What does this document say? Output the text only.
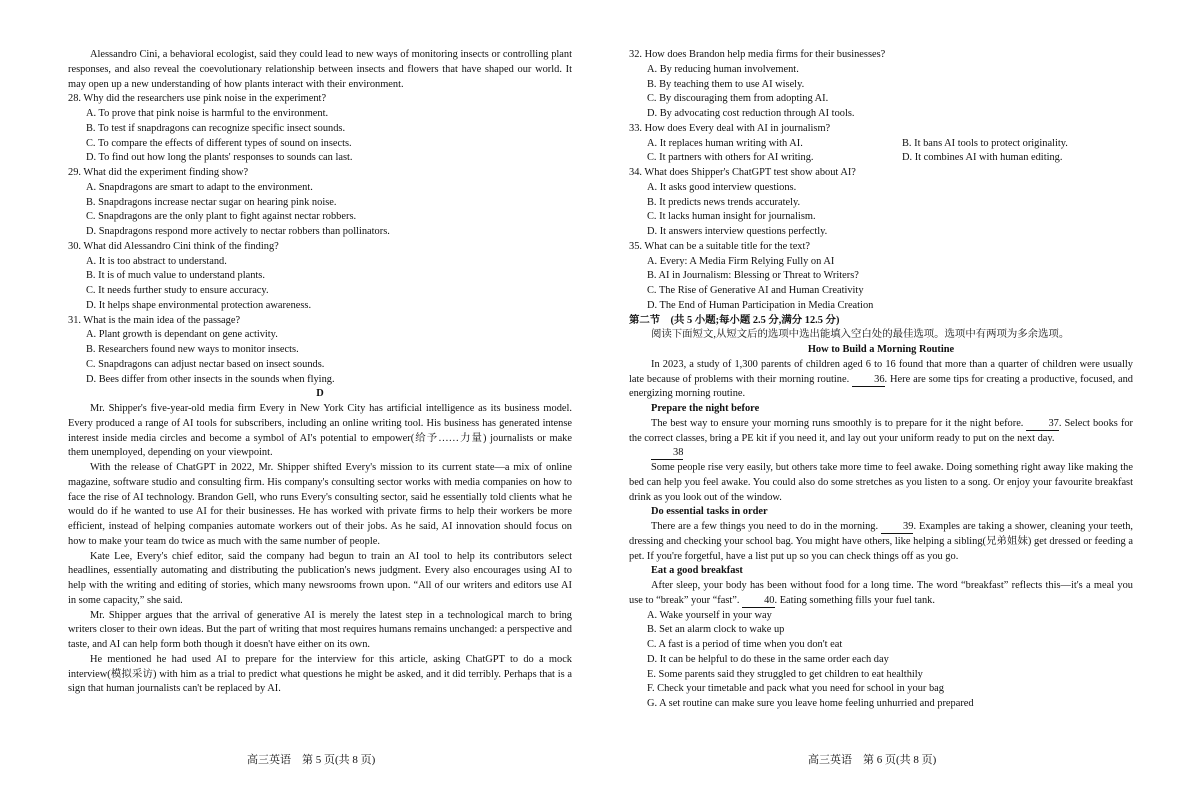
Alessandro Cini, a behavioral ecologist, said they could lead to new ways of monitoring insects or controlling plant responses, and also reveal the coevolutionary relationship between insects and flowers that have shaped our world. It may open up a new understanding of how plants interact with their environment.

28. Why did the researchers use pink noise in the experiment?

A. To prove that pink noise is harmful to the environment.

B. To test if snapdragons can recognize specific insect sounds.

C. To compare the effects of different types of sound on insects.

D. To find out how long the plants' responses to sounds can last.

29. What did the experiment finding show?

A. Snapdragons are smart to adapt to the environment.

B. Snapdragons increase nectar sugar on hearing pink noise.

C. Snapdragons are the only plant to fight against nectar robbers.

D. Snapdragons respond more actively to nectar robbers than pollinators.

30. What did Alessandro Cini think of the finding?

A. It is too abstract to understand.

B. It is of much value to understand plants.

C. It needs further study to ensure accuracy.

D. It helps shape environmental protection awareness.

31. What is the main idea of the passage?

A. Plant growth is dependant on gene activity.

B. Researchers found new ways to monitor insects.

C. Snapdragons can adjust nectar based on insect sounds.

D. Bees differ from other insects in the sounds when flying.

D

Mr. Shipper's five-year-old media firm Every in New York City has artificial intelligence as its business model. Every produced a range of AI tools for subscribers, including an online writing tool. His business has generated intense interest inside media circles and become a symbol of AI's potential to empower(给予……力量) journalists or make them unemployed, depending on your viewpoint.

With the release of ChatGPT in 2022, Mr. Shipper shifted Every's mission to its current state—a mix of online magazine, software studio and consulting firm. His company's consulting sector works with media companies on how to face the rise of AI technology. Brandon Gell, who runs Every's consulting sector, said he essentially told clients what he would do if he wanted to use AI for their businesses. He has worked with private firms to help their workers be more efficient, instead of helping companies automate workers out of their jobs. As he said, AI innovation should focus on how to make your team do twice as much with the same number of people.

Kate Lee, Every's chief editor, said the company had begun to train an AI tool to help its contributors select headlines, essentially automating and distributing the publication's news judgment. Every also encourages using AI to help with the writing and editing of stories, which many newsrooms frown upon. “All of our writers and editors use AI in some capacity,” she said.

Mr. Shipper argues that the arrival of generative AI is merely the latest step in a technological march to bring writers closer to their own ideas. But the part of writing that most requires humans remains unchanged: a perspective and taste, and AI can help form both though it doesn't have either on its own.

He mentioned he had used AI to prepare for the interview for this article, asking ChatGPT to do a mock interview(模拟采访) with him as a trial to predict what questions he might be asked, and it did terribly. Perhaps that is a sign that human journalists can't be replaced by AI.

32. How does Brandon help media firms for their businesses?

A. By reducing human involvement.

B. By teaching them to use AI wisely.

C. By discouraging them from adopting AI.

D. By advocating cost reduction through AI tools.

33. How does Every deal with AI in journalism?

A. It replaces human writing with AI.	B. It bans AI tools to protect originality.
C. It partners with others for AI writing.	D. It combines AI with human editing.

34. What does Shipper's ChatGPT test show about AI?

A. It asks good interview questions.

B. It predicts news trends accurately.

C. It lacks human insight for journalism.

D. It answers interview questions perfectly.

35. What can be a suitable title for the text?

A. Every: A Media Firm Relying Fully on AI

B. AI in Journalism: Blessing or Threat to Writers?

C. The Rise of Generative AI and Human Creativity

D. The End of Human Participation in Media Creation

第二节　(共 5 小题;每小题 2.5 分,满分 12.5 分)

阅读下面短文,从短文后的选项中选出能填入空白处的最佳选项。选项中有两项为多余选项。

How to Build a Morning Routine

In 2023, a study of 1,300 parents of children aged 6 to 16 found that more than a quarter of children were usually late because of problems with their morning routine. 36. Here are some tips for creating a productive, focused, and energizing morning routine.

Prepare the night before

The best way to ensure your morning runs smoothly is to prepare for it the night before. 37. Select books for the correct classes, bring a PE kit if you need it, and lay out your uniform ready to put on the next day.

38

Some people rise very easily, but others take more time to feel awake. Doing something right away like making the bed can help you feel awake. You could also do some stretches as you listen to a song. Or enjoy your favourite breakfast drink as you look out of the window.

Do essential tasks in order

There are a few things you need to do in the morning. 39. Examples are taking a shower, cleaning your teeth, dressing and checking your school bag. You might have others, like helping a sibling(兄弟姐妹) get dressed or feeding a pet. If you're forgetful, have a list put up so you can check things off as you go.

Eat a good breakfast

After sleep, your body has been without food for a long time. The word “breakfast” reflects this—it's a meal you use to “break” your “fast”. 40. Eating something fills your fuel tank.

A. Wake yourself in your way

B. Set an alarm clock to wake up

C. A fast is a period of time when you don't eat

D. It can be helpful to do these in the same order each day

E. Some parents said they struggled to get children to eat healthily

F. Check your timetable and pack what you need for school in your bag

G. A set routine can make sure you leave home feeling unhurried and prepared

高三英语　第 5 页(共 8 页)	高三英语　第 6 页(共 8 页)
